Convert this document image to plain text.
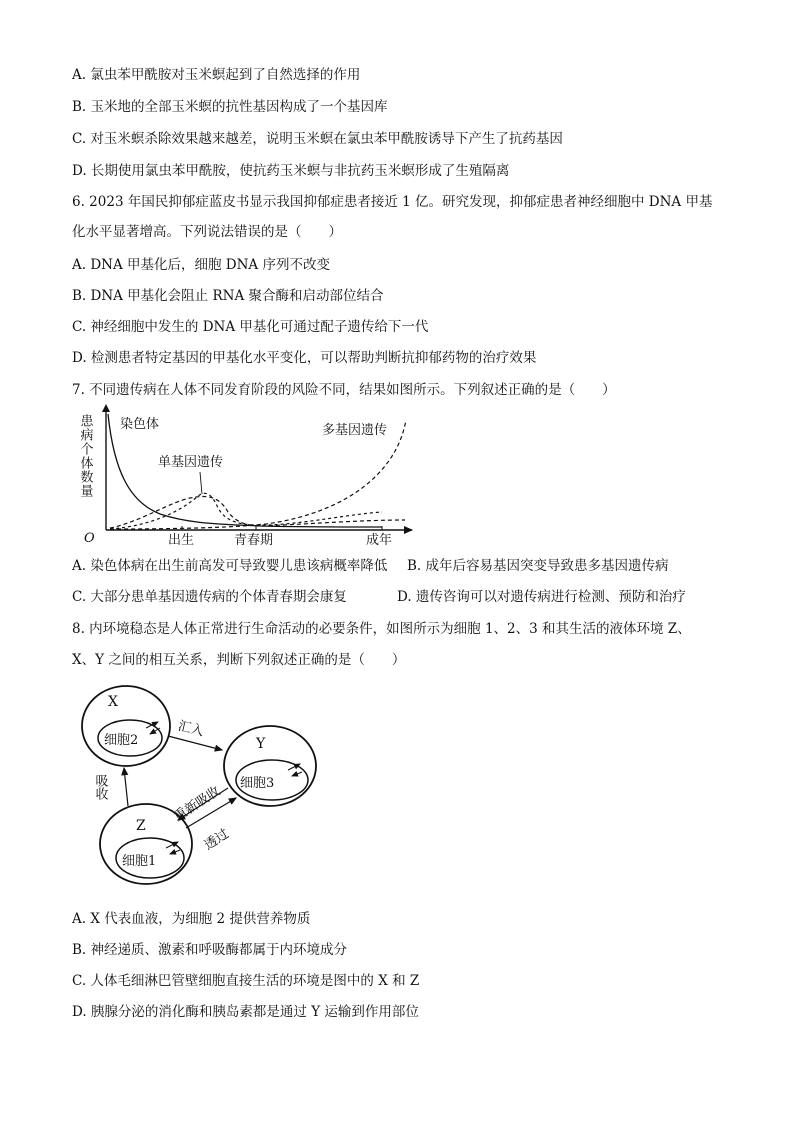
A. 氯虫苯甲酰胺对玉米螟起到了自然选择的作用
B. 玉米地的全部玉米螟的抗性基因构成了一个基因库
C. 对玉米螟杀除效果越来越差，说明玉米螟在氯虫苯甲酰胺诱导下产生了抗药基因
D. 长期使用氯虫苯甲酰胺，使抗药玉米螟与非抗药玉米螟形成了生殖隔离
6. 2023 年国民抑郁症蓝皮书显示我国抑郁症患者接近 1 亿。研究发现，抑郁症患者神经细胞中 DNA 甲基
化水平显著增高。下列说法错误的是（　　）
A. DNA 甲基化后，细胞 DNA 序列不改变
B. DNA 甲基化会阻止 RNA 聚合酶和启动部位结合
C. 神经细胞中发生的 DNA 甲基化可通过配子遗传给下一代
D. 检测患者特定基因的甲基化水平变化，可以帮助判断抗抑郁药物的治疗效果
7. 不同遗传病在人体不同发育阶段的风险不同，结果如图所示。下列叙述正确的是（　　）
患病个体数量
O	出生	青春期	成年
染色体
单基因遗传
多基因遗传
A. 染色体病在出生前高发可导致婴儿患该病概率降低 B. 成年后容易基因突变导致患多基因遗传病
C. 大部分患单基因遗传病的个体青春期会康复	D. 遗传咨询可以对遗传病进行检测、预防和治疗
8. 内环境稳态是人体正常进行生命活动的必要条件，如图所示为细胞 1、2、3 和其生活的液体环境 Z、
X、Y 之间的相互关系，判断下列叙述正确的是（　　）
X
细胞2	Y
细胞3
Z
细胞1
汇入
吸收	重新吸收
透过
A. X 代表血液，为细胞 2 提供营养物质
B. 神经递质、激素和呼吸酶都属于内环境成分
C. 人体毛细淋巴管壁细胞直接生活的环境是图中的 X 和 Z
D. 胰腺分泌的消化酶和胰岛素都是通过 Y 运输到作用部位
